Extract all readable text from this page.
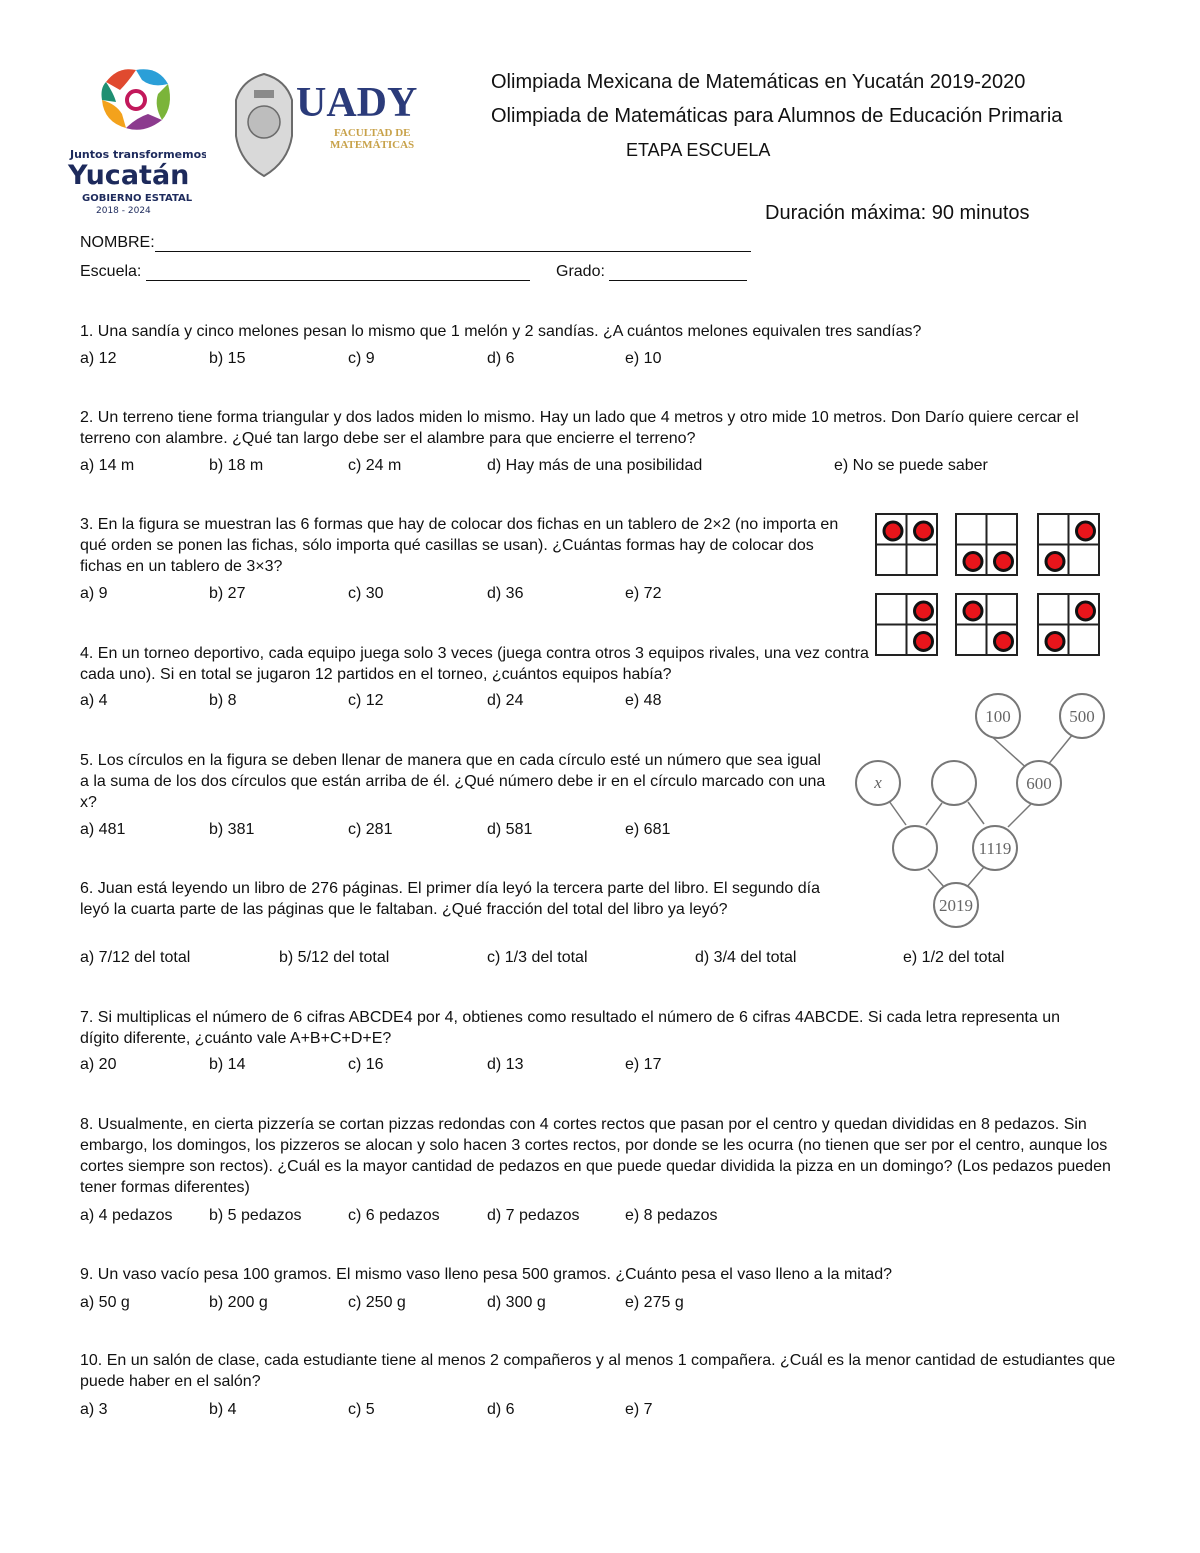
Juntos transformemos
Yucatán
GOBIERNO ESTATAL
2018 - 2024
UADY
FACULTAD DE
MATEMÁTICAS
Olimpiada Mexicana de Matemáticas en Yucatán 2019-2020
Olimpiada de Matemáticas para Alumnos de Educación Primaria
ETAPA ESCUELA
Duración máxima: 90 minutos
NOMBRE:
Escuela:	Grado:
1. Una sandía y cinco melones pesan lo mismo que 1 melón y 2 sandías. ¿A cuántos melones equivalen tres sandías?
a) 12	b) 15	c) 9	d) 6	e) 10
2. Un terreno tiene forma triangular y dos lados miden lo mismo. Hay un lado que 4 metros y otro mide 10 metros. Don Darío quiere cercar el terreno con alambre. ¿Qué tan largo debe ser el alambre para que encierre el terreno?
a) 14 m	b) 18 m	c) 24 m	d) Hay más de una posibilidad	e) No se puede saber
3. En la figura se muestran las 6 formas que hay de colocar dos fichas en un tablero de 2×2 (no importa en qué orden se ponen las fichas, sólo importa qué casillas se usan). ¿Cuántas formas hay de colocar dos fichas en un tablero de 3×3?
a) 9	b) 27	c) 30	d) 36	e) 72
4. En un torneo deportivo, cada equipo juega solo 3 veces (juega contra otros 3 equipos rivales, una vez contra cada uno). Si en total se jugaron 12 partidos en el torneo, ¿cuántos equipos había?
a) 4	b) 8	c) 12	d) 24	e) 48
5. Los círculos en la figura se deben llenar de manera que en cada círculo esté un número que sea igual a la suma de los dos círculos que están arriba de él. ¿Qué número debe ir en el círculo marcado con una x?
a) 481	b) 381	c) 281	d) 581	e) 681
6. Juan está leyendo un libro de 276 páginas. El primer día leyó la tercera parte del libro. El segundo día leyó la cuarta parte de las páginas que le faltaban. ¿Qué fracción del total del libro ya leyó?
a) 7/12 del total	b) 5/12 del total	c) 1/3 del total	d) 3/4 del total	e) 1/2 del total
7. Si multiplicas el número de 6 cifras ABCDE4 por 4, obtienes como resultado el número de 6 cifras 4ABCDE. Si cada letra representa un dígito diferente, ¿cuánto vale A+B+C+D+E?
a) 20	b) 14	c) 16	d) 13	e) 17
8. Usualmente, en cierta pizzería se cortan pizzas redondas con 4 cortes rectos que pasan por el centro y quedan divididas en 8 pedazos. Sin embargo, los domingos, los pizzeros se alocan y solo hacen 3 cortes rectos, por donde se les ocurra (no tienen que ser por el centro, aunque los cortes siempre son rectos). ¿Cuál es la mayor cantidad de pedazos en que puede quedar dividida la pizza en un domingo? (Los pedazos pueden tener formas diferentes)
a) 4 pedazos b) 5 pedazos	c) 6 pedazos	d) 7 pedazos	e) 8 pedazos
9. Un vaso vacío pesa 100 gramos. El mismo vaso lleno pesa 500 gramos. ¿Cuánto pesa el vaso lleno a la mitad?
a) 50 g	b) 200 g	c) 250 g	d) 300 g	e) 275 g
10. En un salón de clase, cada estudiante tiene al menos 2 compañeros y al menos 1 compañera. ¿Cuál es la menor cantidad de estudiantes que puede haber en el salón?
a) 3	b) 4	c) 5	d) 6	e) 7
100	500
x	600
1119
2019
